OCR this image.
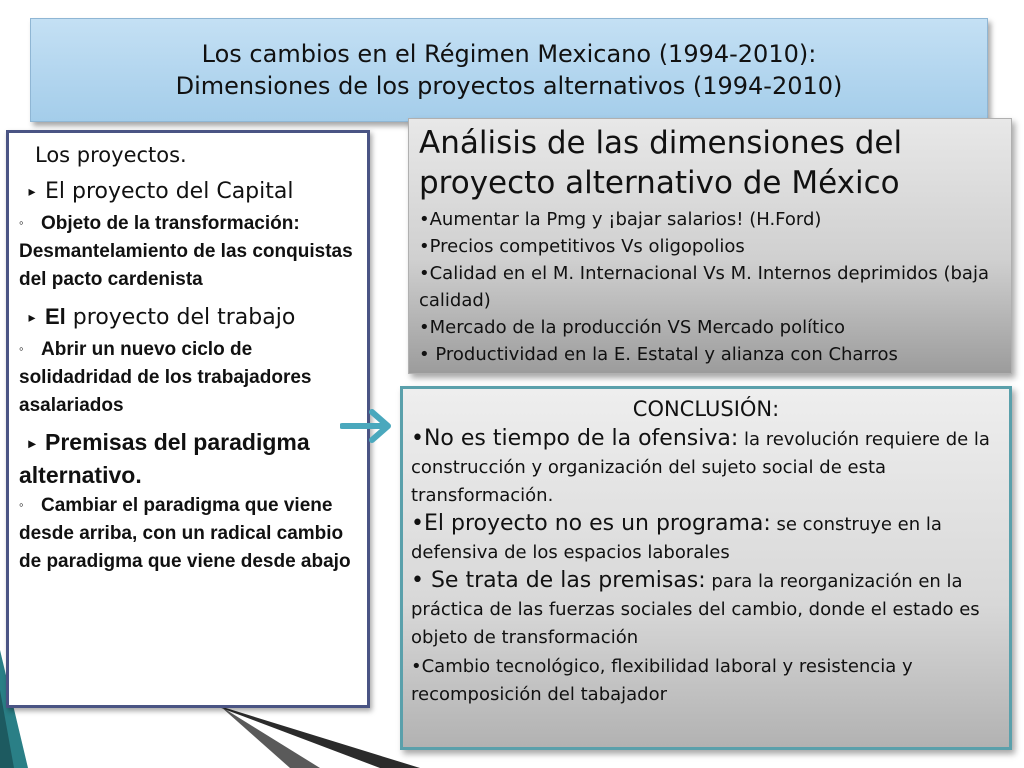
Los cambios en el Régimen Mexicano (1994-2010):
Dimensiones de los proyectos alternativos (1994-2010)
Los proyectos.
▸ El proyecto del Capital
◦ Objeto de la transformación: Desmantelamiento de las conquistas del pacto cardenista
▸ El proyecto del trabajo
◦ Abrir un nuevo ciclo de solidadridad de los trabajadores asalariados
▸ Premisas del paradigma alternativo.
◦ Cambiar el paradigma que viene desde arriba, con un radical cambio de paradigma que viene desde abajo
Análisis de las dimensiones del proyecto alternativo de México
•Aumentar la Pmg y ¡bajar salarios! (H.Ford)
•Precios competitivos Vs oligopolios
•Calidad en el M. Internacional Vs M. Internos deprimidos (baja calidad)
•Mercado de la producción VS Mercado político
• Productividad en la E. Estatal y alianza con Charros
CONCLUSIÓN:
•No es tiempo de la ofensiva: la revolución requiere de la construcción y organización del sujeto social de esta transformación.
•El proyecto no es un programa: se construye en la defensiva de los espacios laborales
• Se trata de las premisas: para la reorganización en la práctica de las fuerzas sociales del cambio, donde el estado es objeto de transformación
•Cambio tecnológico, flexibilidad laboral y resistencia y recomposición del tabajador
